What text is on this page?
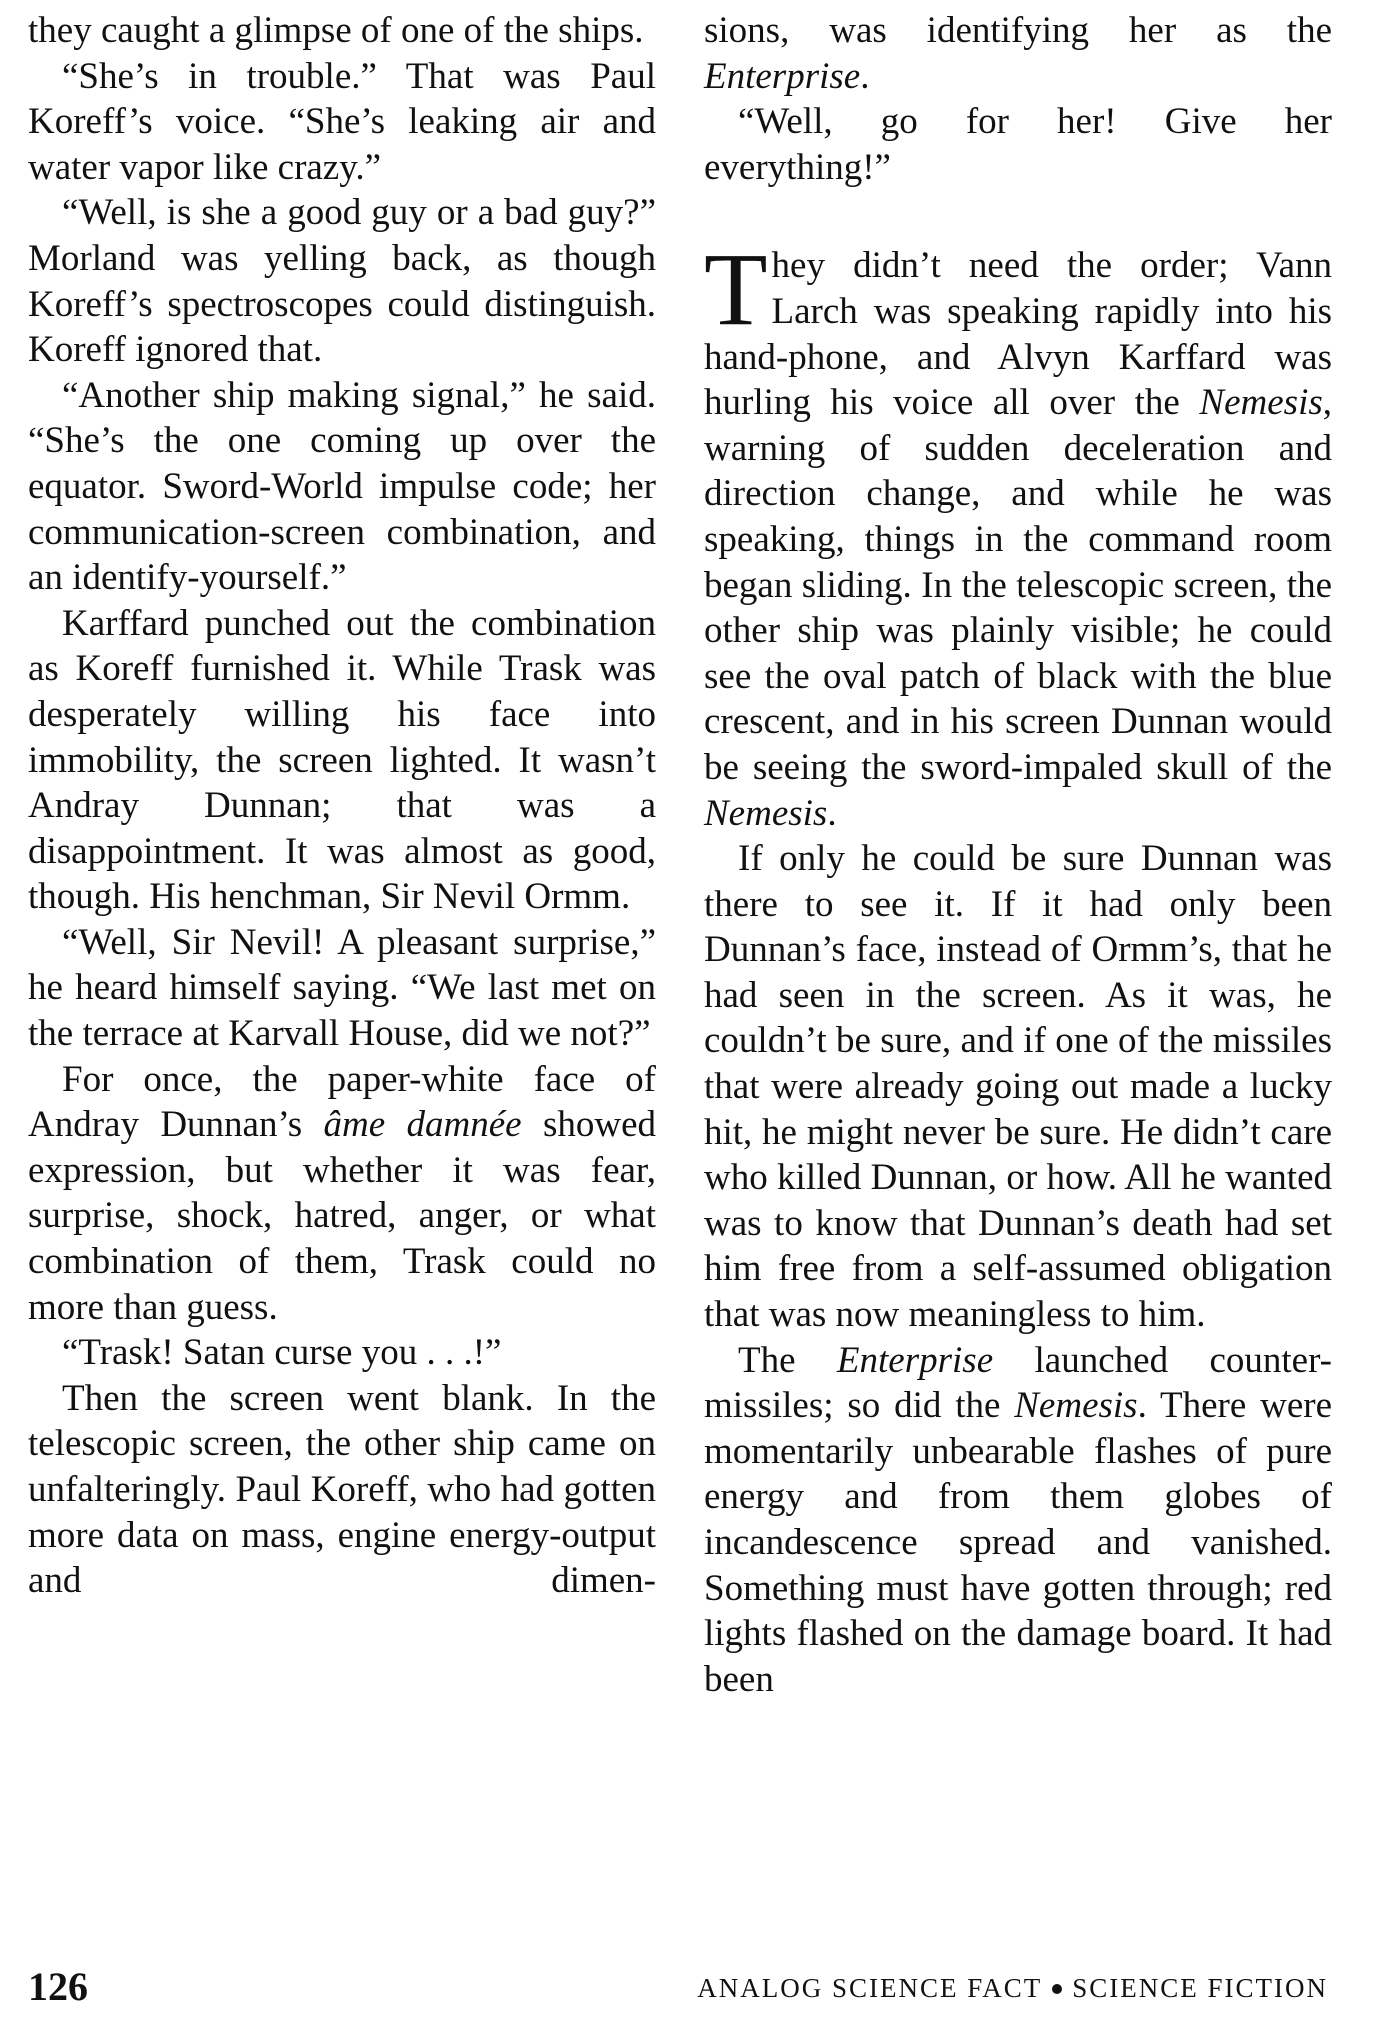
they caught a glimpse of one of the ships.

“She’s in trouble.” That was Paul Koreff’s voice. “She’s leaking air and water vapor like crazy.”

“Well, is she a good guy or a bad guy?” Morland was yelling back, as though Koreff’s spectroscopes could distinguish. Koreff ignored that.

“Another ship making signal,” he said. “She’s the one coming up over the equator. Sword-World impulse code; her communication-screen combination, and an identify-yourself.”

Karffard punched out the combination as Koreff furnished it. While Trask was desperately willing his face into immobility, the screen lighted. It wasn’t Andray Dunnan; that was a disappointment. It was almost as good, though. His henchman, Sir Nevil Ormm.

“Well, Sir Nevil! A pleasant surprise,” he heard himself saying. “We last met on the terrace at Karvall House, did we not?”

For once, the paper-white face of Andray Dunnan’s âme damnée showed expression, but whether it was fear, surprise, shock, hatred, anger, or what combination of them, Trask could no more than guess.

“Trask! Satan curse you . . .!”

Then the screen went blank. In the telescopic screen, the other ship came on unfalteringly. Paul Koreff, who had gotten more data on mass, engine energy-output and dimen-

sions, was identifying her as the Enterprise.

“Well, go for her! Give her everything!”

They didn’t need the order; Vann Larch was speaking rapidly into his hand-phone, and Alvyn Karffard was hurling his voice all over the Nemesis, warning of sudden deceleration and direction change, and while he was speaking, things in the command room began sliding. In the telescopic screen, the other ship was plainly visible; he could see the oval patch of black with the blue crescent, and in his screen Dunnan would be seeing the sword-impaled skull of the Nemesis.

If only he could be sure Dunnan was there to see it. If it had only been Dunnan’s face, instead of Ormm’s, that he had seen in the screen. As it was, he couldn’t be sure, and if one of the missiles that were already going out made a lucky hit, he might never be sure. He didn’t care who killed Dunnan, or how. All he wanted was to know that Dunnan’s death had set him free from a self-assumed obligation that was now meaningless to him.

The Enterprise launched counter-missiles; so did the Nemesis. There were momentarily unbearable flashes of pure energy and from them globes of incandescence spread and vanished. Something must have gotten through; red lights flashed on the damage board. It had been

126	ANALOG SCIENCE FACT SCIENCE FICTION
